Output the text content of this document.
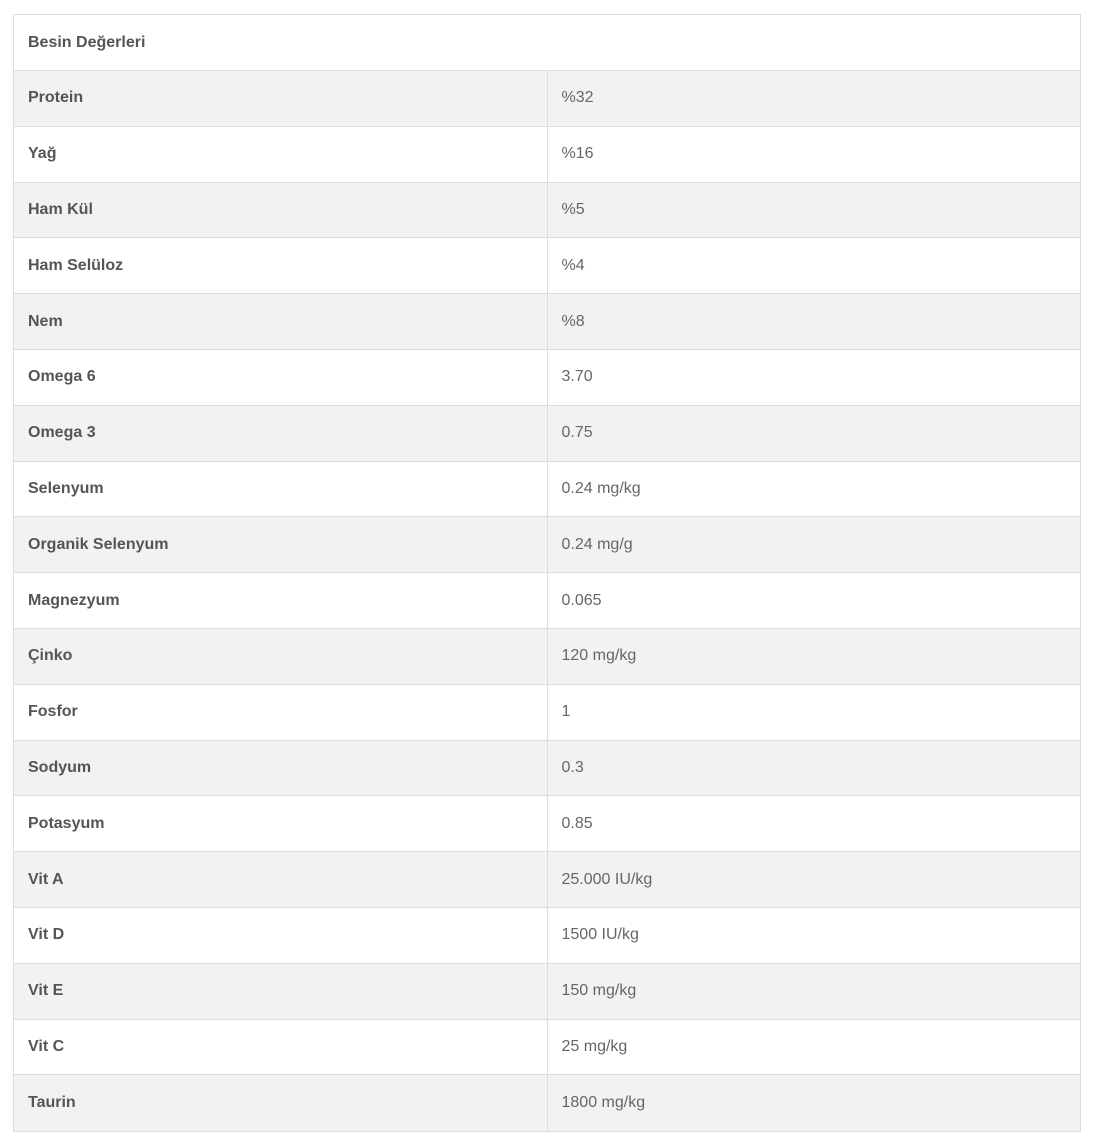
Besin Değerleri	
Protein	%32
Yağ	%16
Ham Kül	%5
Ham Selüloz	%4
Nem	%8
Omega 6	3.70
Omega 3	0.75
Selenyum	0.24 mg/kg
Organik Selenyum	0.24 mg/g
Magnezyum	0.065
Çinko	120 mg/kg
Fosfor	1
Sodyum	0.3
Potasyum	0.85
Vit A	25.000 IU/kg
Vit D	1500 IU/kg
Vit E	150 mg/kg
Vit C	25 mg/kg
Taurin	1800 mg/kg
